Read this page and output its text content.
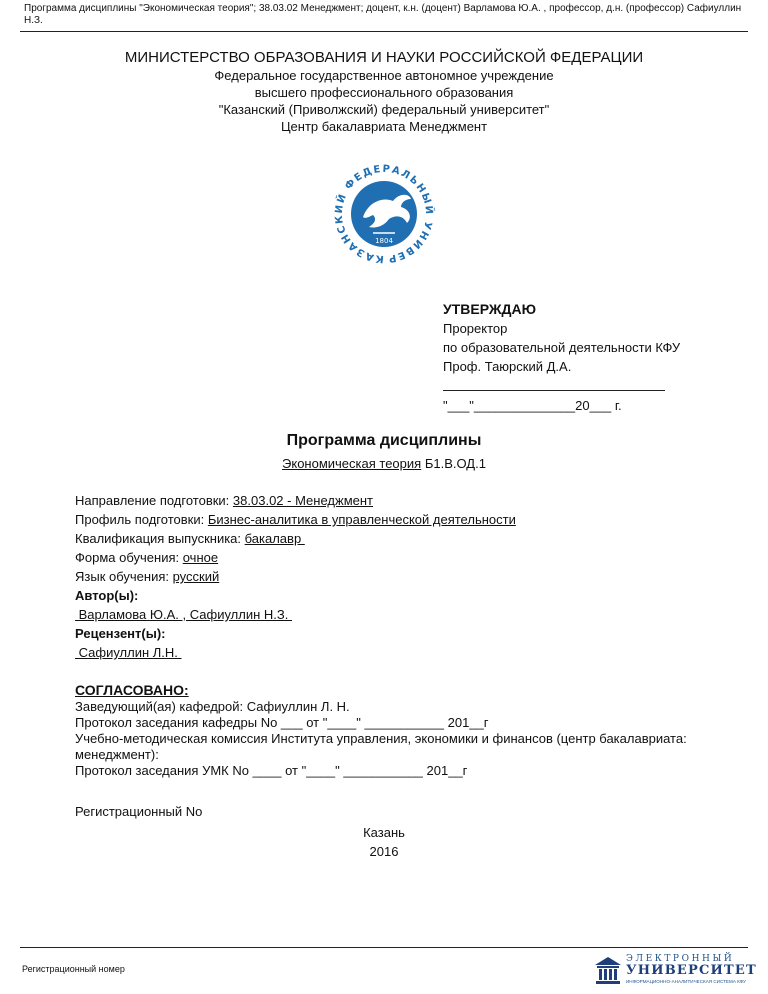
Программа дисциплины "Экономическая теория"; 38.03.02 Менеджмент; доцент, к.н. (доцент) Варламова Ю.А. , профессор, д.н. (профессор) Сафиуллин Н.З.
МИНИСТЕРСТВО ОБРАЗОВАНИЯ И НАУКИ РОССИЙСКОЙ ФЕДЕРАЦИИ
Федеральное государственное автономное учреждение
высшего профессионального образования
"Казанский (Приволжский) федеральный университет"
Центр бакалавриата Менеджмент
КАЗАНСКИЙ ФЕДЕРАЛЬНЫЙ УНИВЕР
1804
УТВЕРЖДАЮ
Проректор
по образовательной деятельности КФУ
Проф. Таюрский Д.А.
"___"______________20___ г.
Программа дисциплины
Экономическая теория Б1.В.ОД.1
Направление подготовки: 38.03.02 - Менеджмент
Профиль подготовки: Бизнес-аналитика в управленческой деятельности
Квалификация выпускника: бакалавр
Форма обучения: очное
Язык обучения: русский
Автор(ы):
Варламова Ю.А. , Сафиуллин Н.З.
Рецензент(ы):
Сафиуллин Л.Н.
СОГЛАСОВАНО:
Заведующий(ая) кафедрой: Сафиуллин Л. Н.
Протокол заседания кафедры No ___ от "____" ___________ 201__г
Учебно-методическая комиссия Института управления, экономики и финансов (центр бакалавриата: менеджмент):
Протокол заседания УМК No ____ от "____" ___________ 201__г
Регистрационный No
Казань
2016
Регистрационный номер
ЭЛЕКТРОННЫЙ
УНИВЕРСИТЕТ
ИНФОРМАЦИОННО-АНАЛИТИЧЕСКАЯ СИСТЕМА КФУ
